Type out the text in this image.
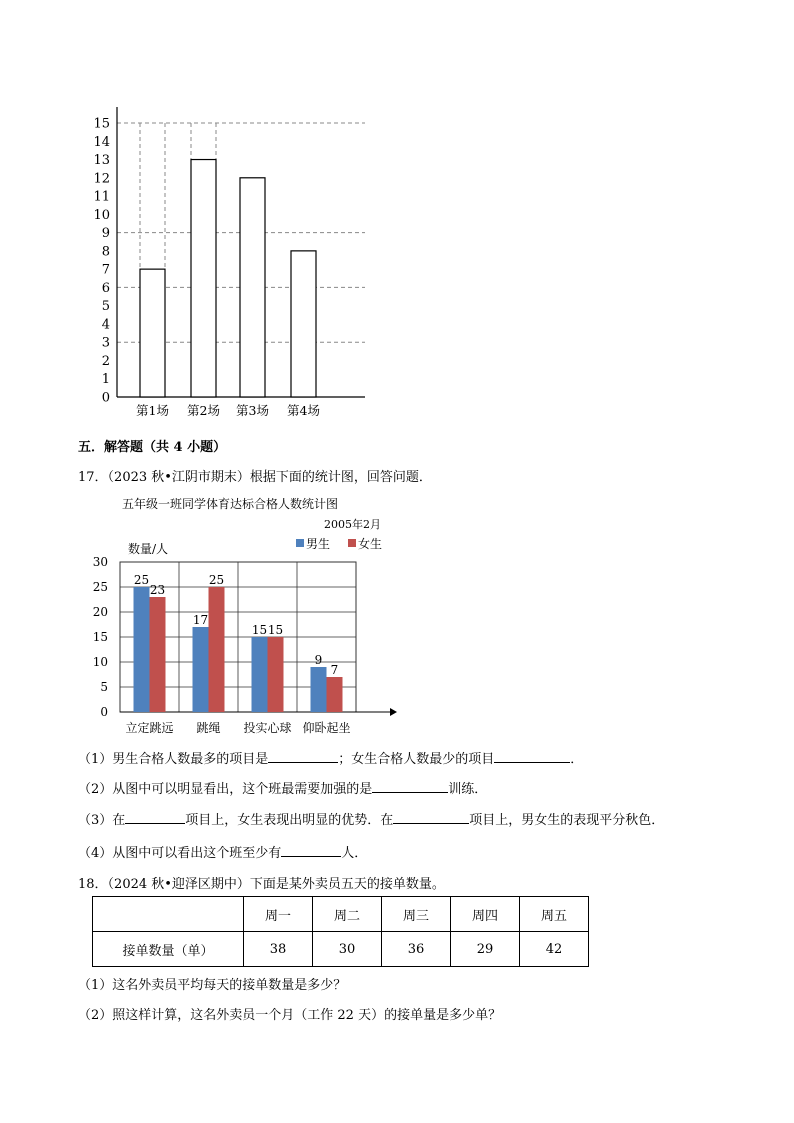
0
1
2
3
4
5
6
7
8
9
10
11
12
13
14
15
第1场 第2场 第3场 第4场
五．解答题（共 4 小题）
17．（2023 秋•江阴市期末）根据下面的统计图，回答问题．
0
5
10
15
20
25
30
25
23
立定跳远
17
25
跳绳
15 15
投实心球
9
7
仰卧起坐
五年级一班同学体育达标合格人数统计图
2005年2月
数量/人	男生 女生
（1）男生合格人数最多的项目是	；女生合格人数最少的项目	．
（2）从图中可以明显看出，这个班最需要加强的是	训练．
（3）在	项目上，女生表现出明显的优势．在	项目上，男女生的表现平分秋色．
（4）从图中可以看出这个班至少有	人．
18．（2024 秋•迎泽区期中）下面是某外卖员五天的接单数量。
	周一	周二	周三	周四	周五
接单数量（单）	38	30	36	29	42
（1）这名外卖员平均每天的接单数量是多少？
（2）照这样计算，这名外卖员一个月（工作 22 天）的接单量是多少单？
